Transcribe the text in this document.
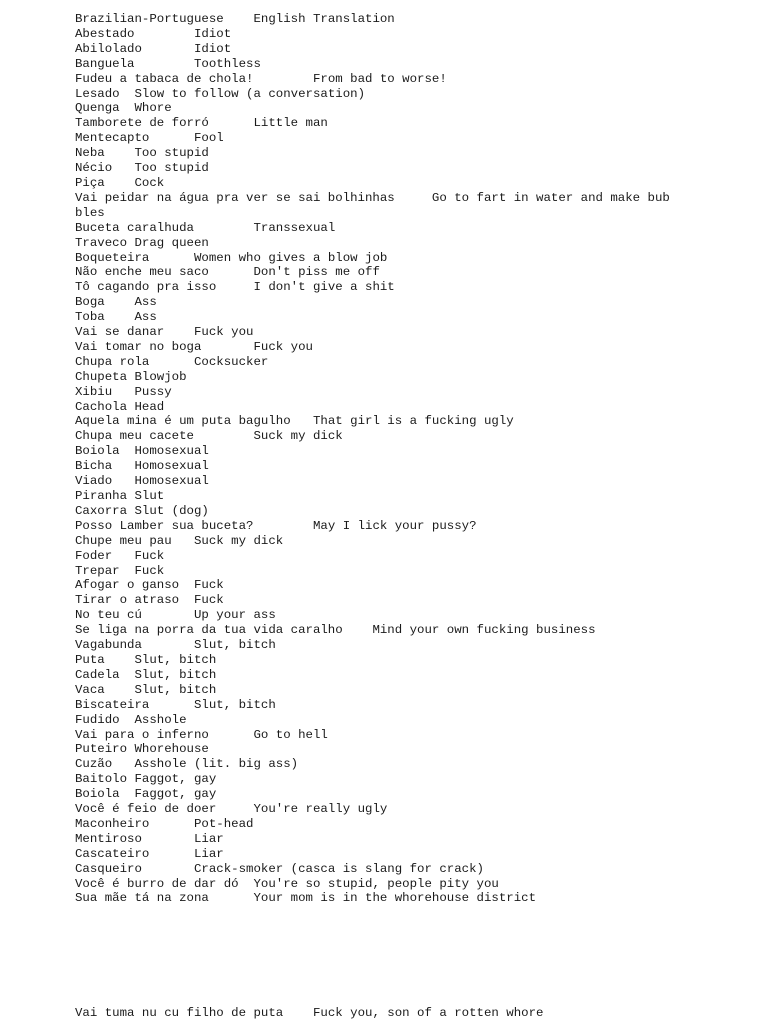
Brazilian-Portuguese	English Translation
Abestado	Idiot
Abilolado	Idiot
Banguela	Toothless
Fudeu a tabaca de chola!	From bad to worse!
Lesado	Slow to follow (a conversation)
Quenga	Whore
Tamborete de forró	Little man
Mentecapto	Fool
Neba	Too stupid
Nécio	Too stupid
Piça	Cock
Vai peidar na água pra ver se sai bolhinhas	Go to fart in water and make bub
bles
Buceta caralhuda	Transsexual
Traveco	Drag queen
Boqueteira	Women who gives a blow job
Não enche meu saco	Don't piss me off
Tô cagando pra isso	I don't give a shit
Boga	Ass
Toba	Ass
Vai se danar	Fuck you
Vai tomar no boga	Fuck you
Chupa rola	Cocksucker
Chupeta	Blowjob
Xibiu	Pussy
Cachola	Head
Aquela mina é um puta bagulho	That girl is a fucking ugly
Chupa meu cacete	Suck my dick
Boiola	Homosexual
Bicha	Homosexual
Viado	Homosexual
Piranha	Slut
Caxorra	Slut (dog)
Posso Lamber sua buceta?	May I lick your pussy?
Chupe meu pau	Suck my dick
Foder	Fuck
Trepar	Fuck
Afogar o ganso	Fuck
Tirar o atraso	Fuck
No teu cú	Up your ass
Se liga na porra da tua vida caralho	Mind your own fucking business
Vagabunda	Slut, bitch
Puta	Slut, bitch
Cadela	Slut, bitch
Vaca	Slut, bitch
Biscateira	Slut, bitch
Fudido	Asshole
Vai para o inferno	Go to hell
Puteiro	Whorehouse
Cuzão	Asshole (lit. big ass)
Baitolo	Faggot, gay
Boiola	Faggot, gay
Você é feio de doer	You're really ugly
Maconheiro	Pot-head
Mentiroso	Liar
Cascateiro	Liar
Casqueiro	Crack-smoker (casca is slang for crack)
Você é burro de dar dó	You're so stupid, people pity you
Sua mãe tá na zona	Your mom is in the whorehouse district

Vai tuma nu cu filho de puta	Fuck you, son of a rotten whore
